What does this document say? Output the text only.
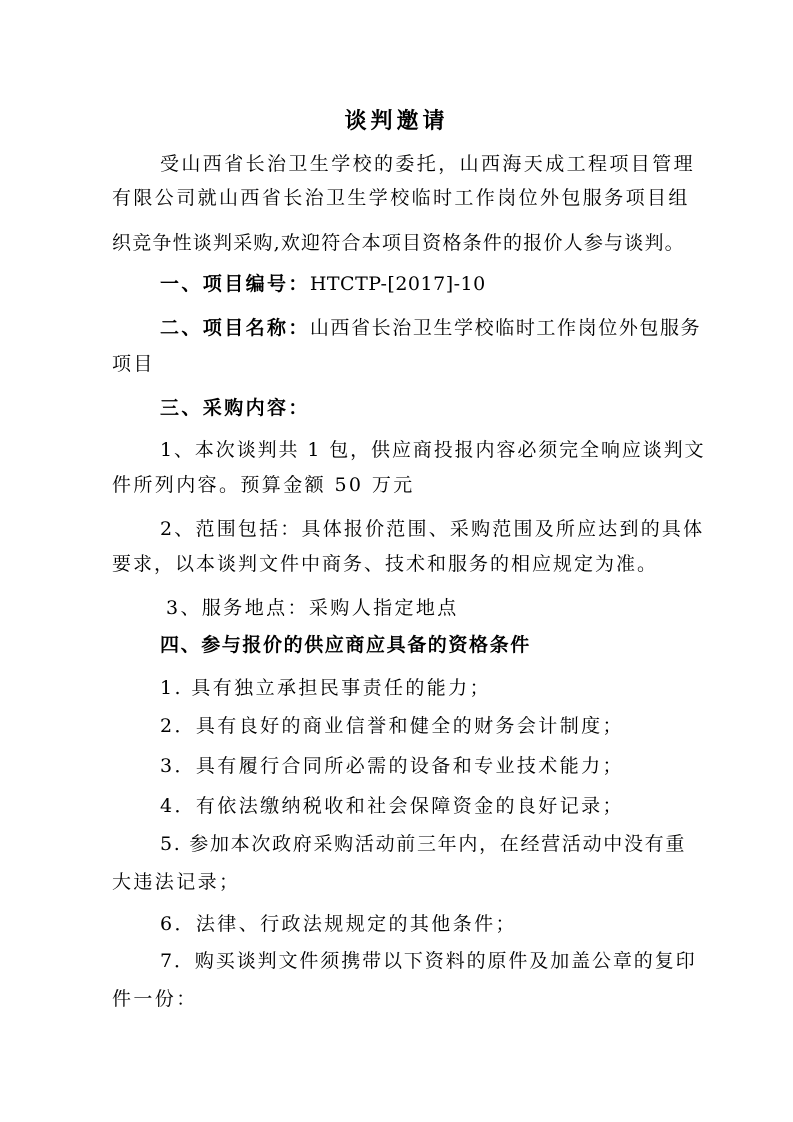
谈判邀请
受山西省长治卫生学校的委托，山西海天成工程项目管理
有限公司就山西省长治卫生学校临时工作岗位外包服务项目组
织竞争性谈判采购,欢迎符合本项目资格条件的报价人参与谈判。
一、项目编号：HTCTP-[2017]-10
二、项目名称：山西省长治卫生学校临时工作岗位外包服务
项目
三、采购内容：
1、本次谈判共 1 包，供应商投报内容必须完全响应谈判文
件所列内容。预算金额 50 万元
2、范围包括：具体报价范围、采购范围及所应达到的具体
要求，以本谈判文件中商务、技术和服务的相应规定为准。
3、服务地点：采购人指定地点
四、参与报价的供应商应具备的资格条件
1. 具有独立承担民事责任的能力；
2．具有良好的商业信誉和健全的财务会计制度；
3．具有履行合同所必需的设备和专业技术能力；
4．有依法缴纳税收和社会保障资金的良好记录；
5. 参加本次政府采购活动前三年内，在经营活动中没有重
大违法记录；
6．法律、行政法规规定的其他条件；
7．购买谈判文件须携带以下资料的原件及加盖公章的复印
件一份：
